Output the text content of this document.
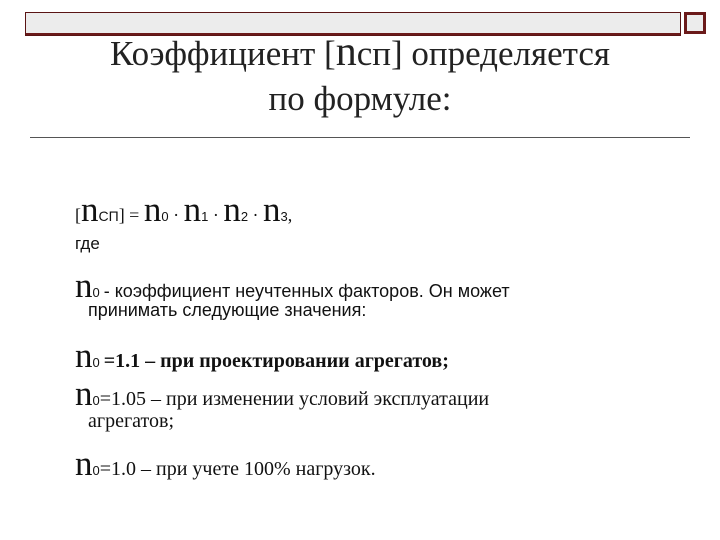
Коэффициент [nсп] определяется
по формуле:
[nСП] = n0 · n1 · n2 · n3,
где
n0 - коэффициент неучтенных факторов. Он может
принимать следующие значения:
n0 =1.1 – при проектировании агрегатов;
n0=1.05 – при изменении условий эксплуатации
агрегатов;
n0=1.0 – при учете 100% нагрузок.
